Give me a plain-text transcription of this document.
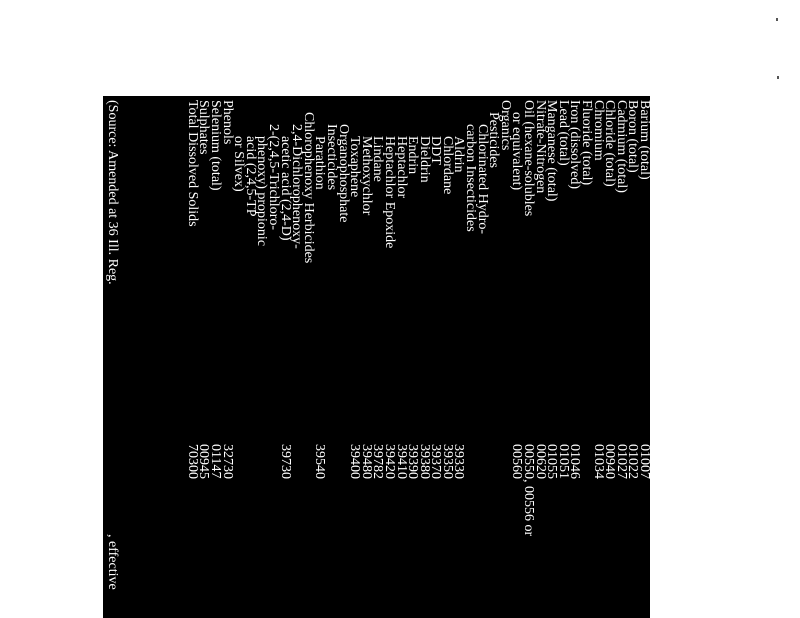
Barium (total)
01007
Boron (total)
01022
Cadmium (total)
01027
Chloride (total)
00940
Chromium
01034
Fluoride (total)
Iron (dissolved)
01046
Lead (total)
01051
Manganese (total)
01055
Nitrate-Nitrogen
00620
Oil (hexane-solubles
00550, 00556 or
or equivalent)
00560
Organics
Pesticides
Chlorinated Hydro-
carbon Insecticides
Aldrin
39330
Chlordane
39350
DDT
39370
Dieldrin
39380
Endrin
39390
Heptachlor
39410
Heptachlor Epoxide
39420
Lindane
39782
Methoxychlor
39480
Toxaphene
39400
Organophosphate
Insecticides
Parathion
39540
Chlorophenoxy Herbicides
2,4-Dichlorophenoxy-
acetic acid (2,4-D)
39730
2-(2,4,5-Trichloro-
phenoxy) propionic
acid (2,4,5-TP
or Silvex)
Phenols
32730
Selenium (total)
01147
Sulphates
00945
Total Dissolved Solids
70300
(Source: Amended at 36 Ill. Reg.
, effective
